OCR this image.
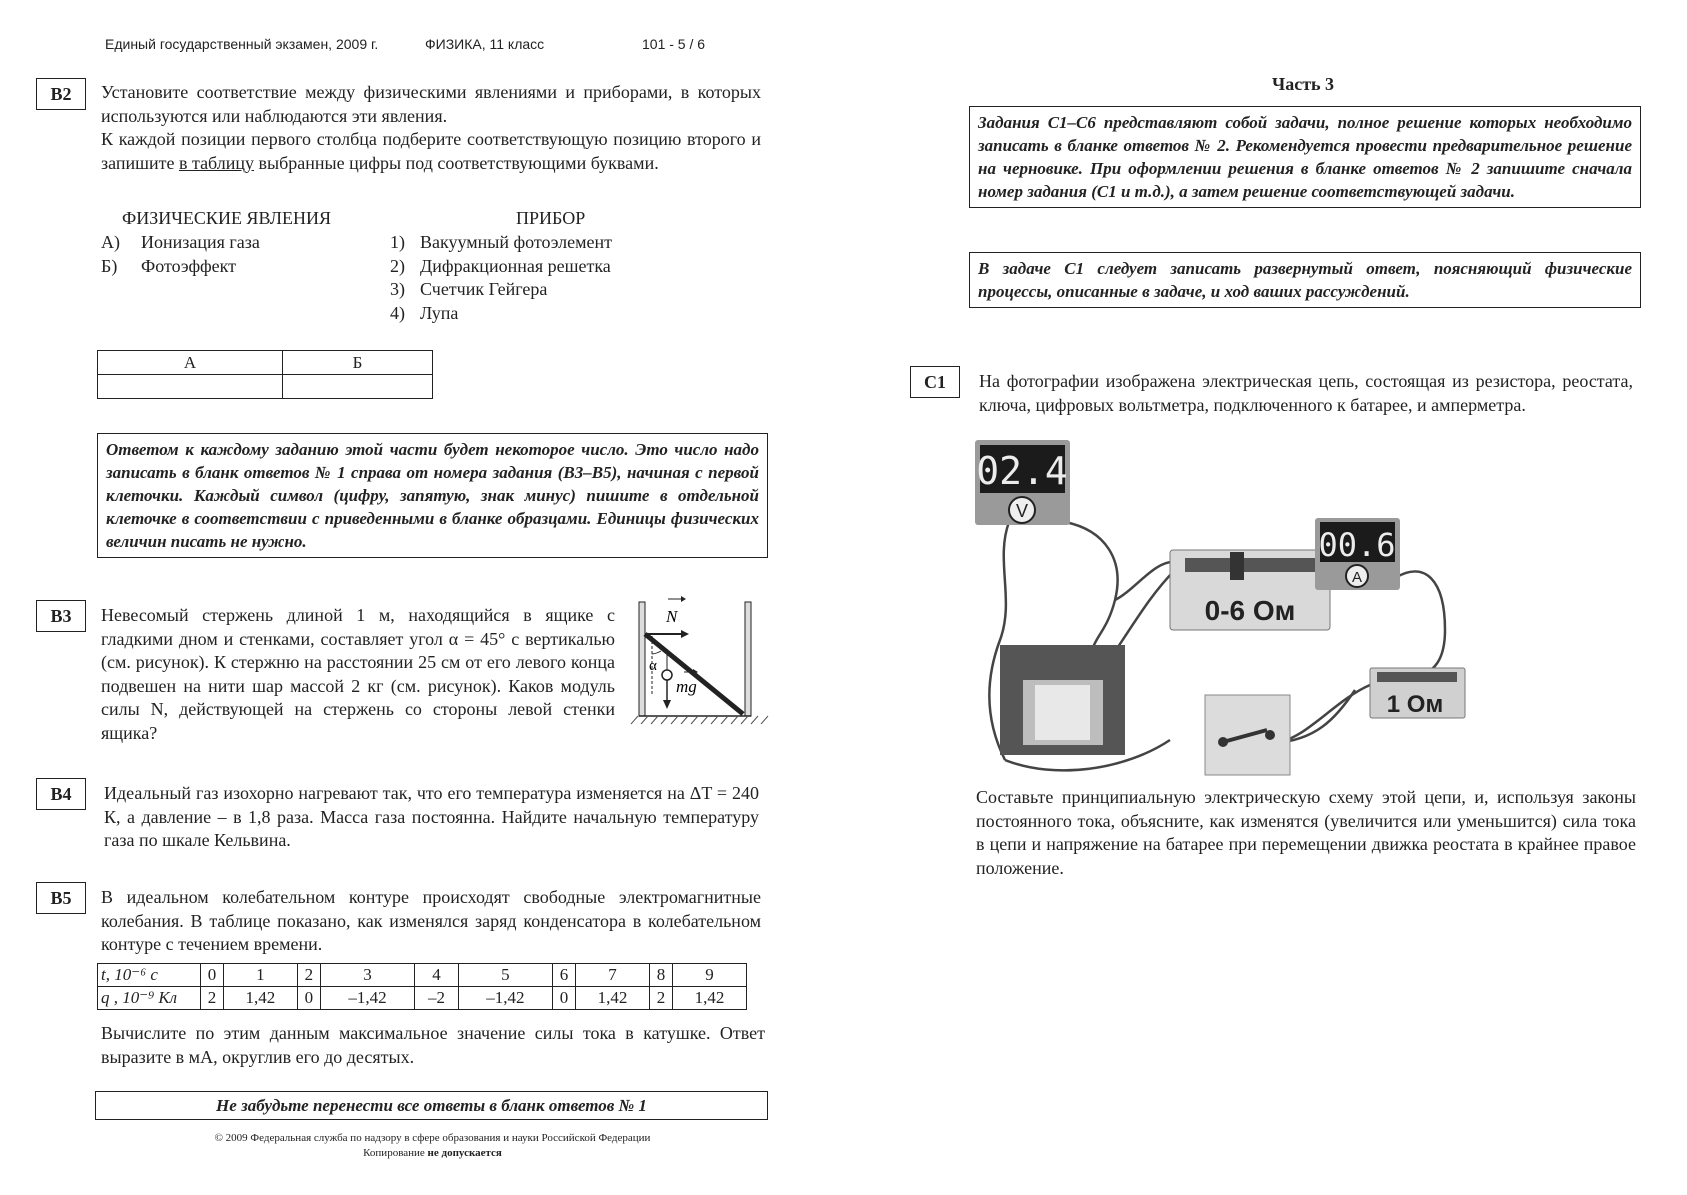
Единый государственный экзамен, 2009 г.	ФИЗИКА, 11 класс	101 - 5 / 6
B2	Установите соответствие между физическими явлениями и приборами, в которых используются или наблюдаются эти явления.
К каждой позиции первого столбца подберите соответствующую позицию второго и запишите в таблицу выбранные цифры под соответствующими буквами.
ФИЗИЧЕСКИЕ ЯВЛЕНИЯ	ПРИБОР
А) Ионизация газа
Б) Фотоэффект
1) Вакуумный фотоэлемент
2) Дифракционная решетка
3) Счетчик Гейгера
4) Лупа
А	Б

Ответом к каждому заданию этой части будет некоторое число. Это число надо записать в бланк ответов № 1 справа от номера задания (B3–B5), начиная с первой клеточки. Каждый символ (цифру, запятую, знак минус) пишите в отдельной клеточке в соответствии с приведенными в бланке образцами. Единицы физических величин писать не нужно.
B3	Невесомый стержень длиной 1 м, находящийся в ящике с гладкими дном и стенками, составляет угол α = 45° с вертикалью (см. рисунок). К стержню на расстоянии 25 см от его левого конца подвешен на нити шар массой 2 кг (см. рисунок). Каков модуль силы N, действующей на стержень со стороны левой стенки ящика?
N
α
mg
B4	Идеальный газ изохорно нагревают так, что его температура изменяется на ΔT = 240 К, а давление – в 1,8 раза. Масса газа постоянна. Найдите начальную температуру газа по шкале Кельвина.
B5	В идеальном колебательном контуре происходят свободные электромагнитные колебания. В таблице показано, как изменялся заряд конденсатора в колебательном контуре с течением времени.
t, 10⁻⁶ с	0	1	2	3	4	5	6	7	8	9
q , 10⁻⁹ Кл	2	1,42	0	–1,42	–2	–1,42	0	1,42	2	1,42
Вычислите по этим данным максимальное значение силы тока в катушке. Ответ выразите в мА, округлив его до десятых.
Не забудьте перенести все ответы в бланк ответов № 1
© 2009 Федеральная служба по надзору в сфере образования и науки Российской Федерации
Копирование не допускается
Часть 3
Задания С1–С6 представляют собой задачи, полное решение которых необходимо записать в бланке ответов № 2. Рекомендуется провести предварительное решение на черновике. При оформлении решения в бланке ответов № 2 запишите сначала номер задания (С1 и т.д.), а затем решение соответствующей задачи.
В задаче С1 следует записать развернутый ответ, поясняющий физические процессы, описанные в задаче, и ход ваших рассуждений.
C1	На фотографии изображена электрическая цепь, состоящая из резистора, реостата, ключа, цифровых вольтметра, подключенного к батарее, и амперметра.
02.4
V
0-6 Ом
00.6
A
1 Ом
Составьте принципиальную электрическую схему этой цепи, и, используя законы постоянного тока, объясните, как изменятся (увеличится или уменьшится) сила тока в цепи и напряжение на батарее при перемещении движка реостата в крайнее правое положение.
